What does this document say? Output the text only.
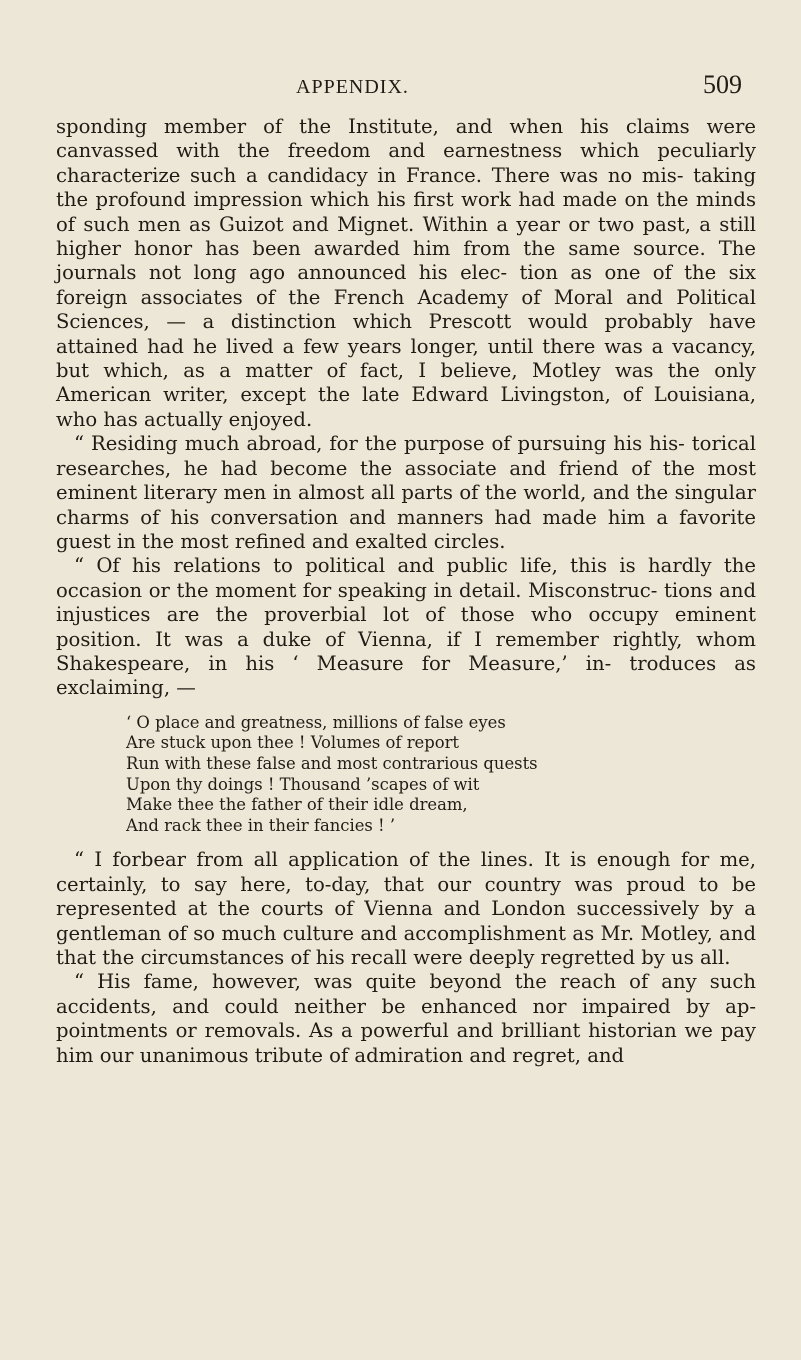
APPENDIX.	509

sponding member of the Institute, and when his claims were canvassed with the freedom and earnestness which peculiarly characterize such a candidacy in France. There was no mis- taking the profound impression which his first work had made on the minds of such men as Guizot and Mignet. Within a year or two past, a still higher honor has been awarded him from the same source. The journals not long ago announced his elec- tion as one of the six foreign associates of the French Academy of Moral and Political Sciences, — a distinction which Prescott would probably have attained had he lived a few years longer, until there was a vacancy, but which, as a matter of fact, I believe, Motley was the only American writer, except the late Edward Livingston, of Louisiana, who has actually enjoyed.

“ Residing much abroad, for the purpose of pursuing his his- torical researches, he had become the associate and friend of the most eminent literary men in almost all parts of the world, and the singular charms of his conversation and manners had made him a favorite guest in the most refined and exalted circles.

“ Of his relations to political and public life, this is hardly the occasion or the moment for speaking in detail. Misconstruc- tions and injustices are the proverbial lot of those who occupy eminent position. It was a duke of Vienna, if I remember rightly, whom Shakespeare, in his ‘ Measure for Measure,’ in- troduces as exclaiming, —

‘ O place and greatness, millions of false eyes
Are stuck upon thee ! Volumes of report
Run with these false and most contrarious quests
Upon thy doings ! Thousand ’scapes of wit
Make thee the father of their idle dream,
And rack thee in their fancies ! ’

“ I forbear from all application of the lines. It is enough for me, certainly, to say here, to-day, that our country was proud to be represented at the courts of Vienna and London successively by a gentleman of so much culture and accomplishment as Mr. Motley, and that the circumstances of his recall were deeply regretted by us all.

“ His fame, however, was quite beyond the reach of any such accidents, and could neither be enhanced nor impaired by ap- pointments or removals. As a powerful and brilliant historian we pay him our unanimous tribute of admiration and regret, and
